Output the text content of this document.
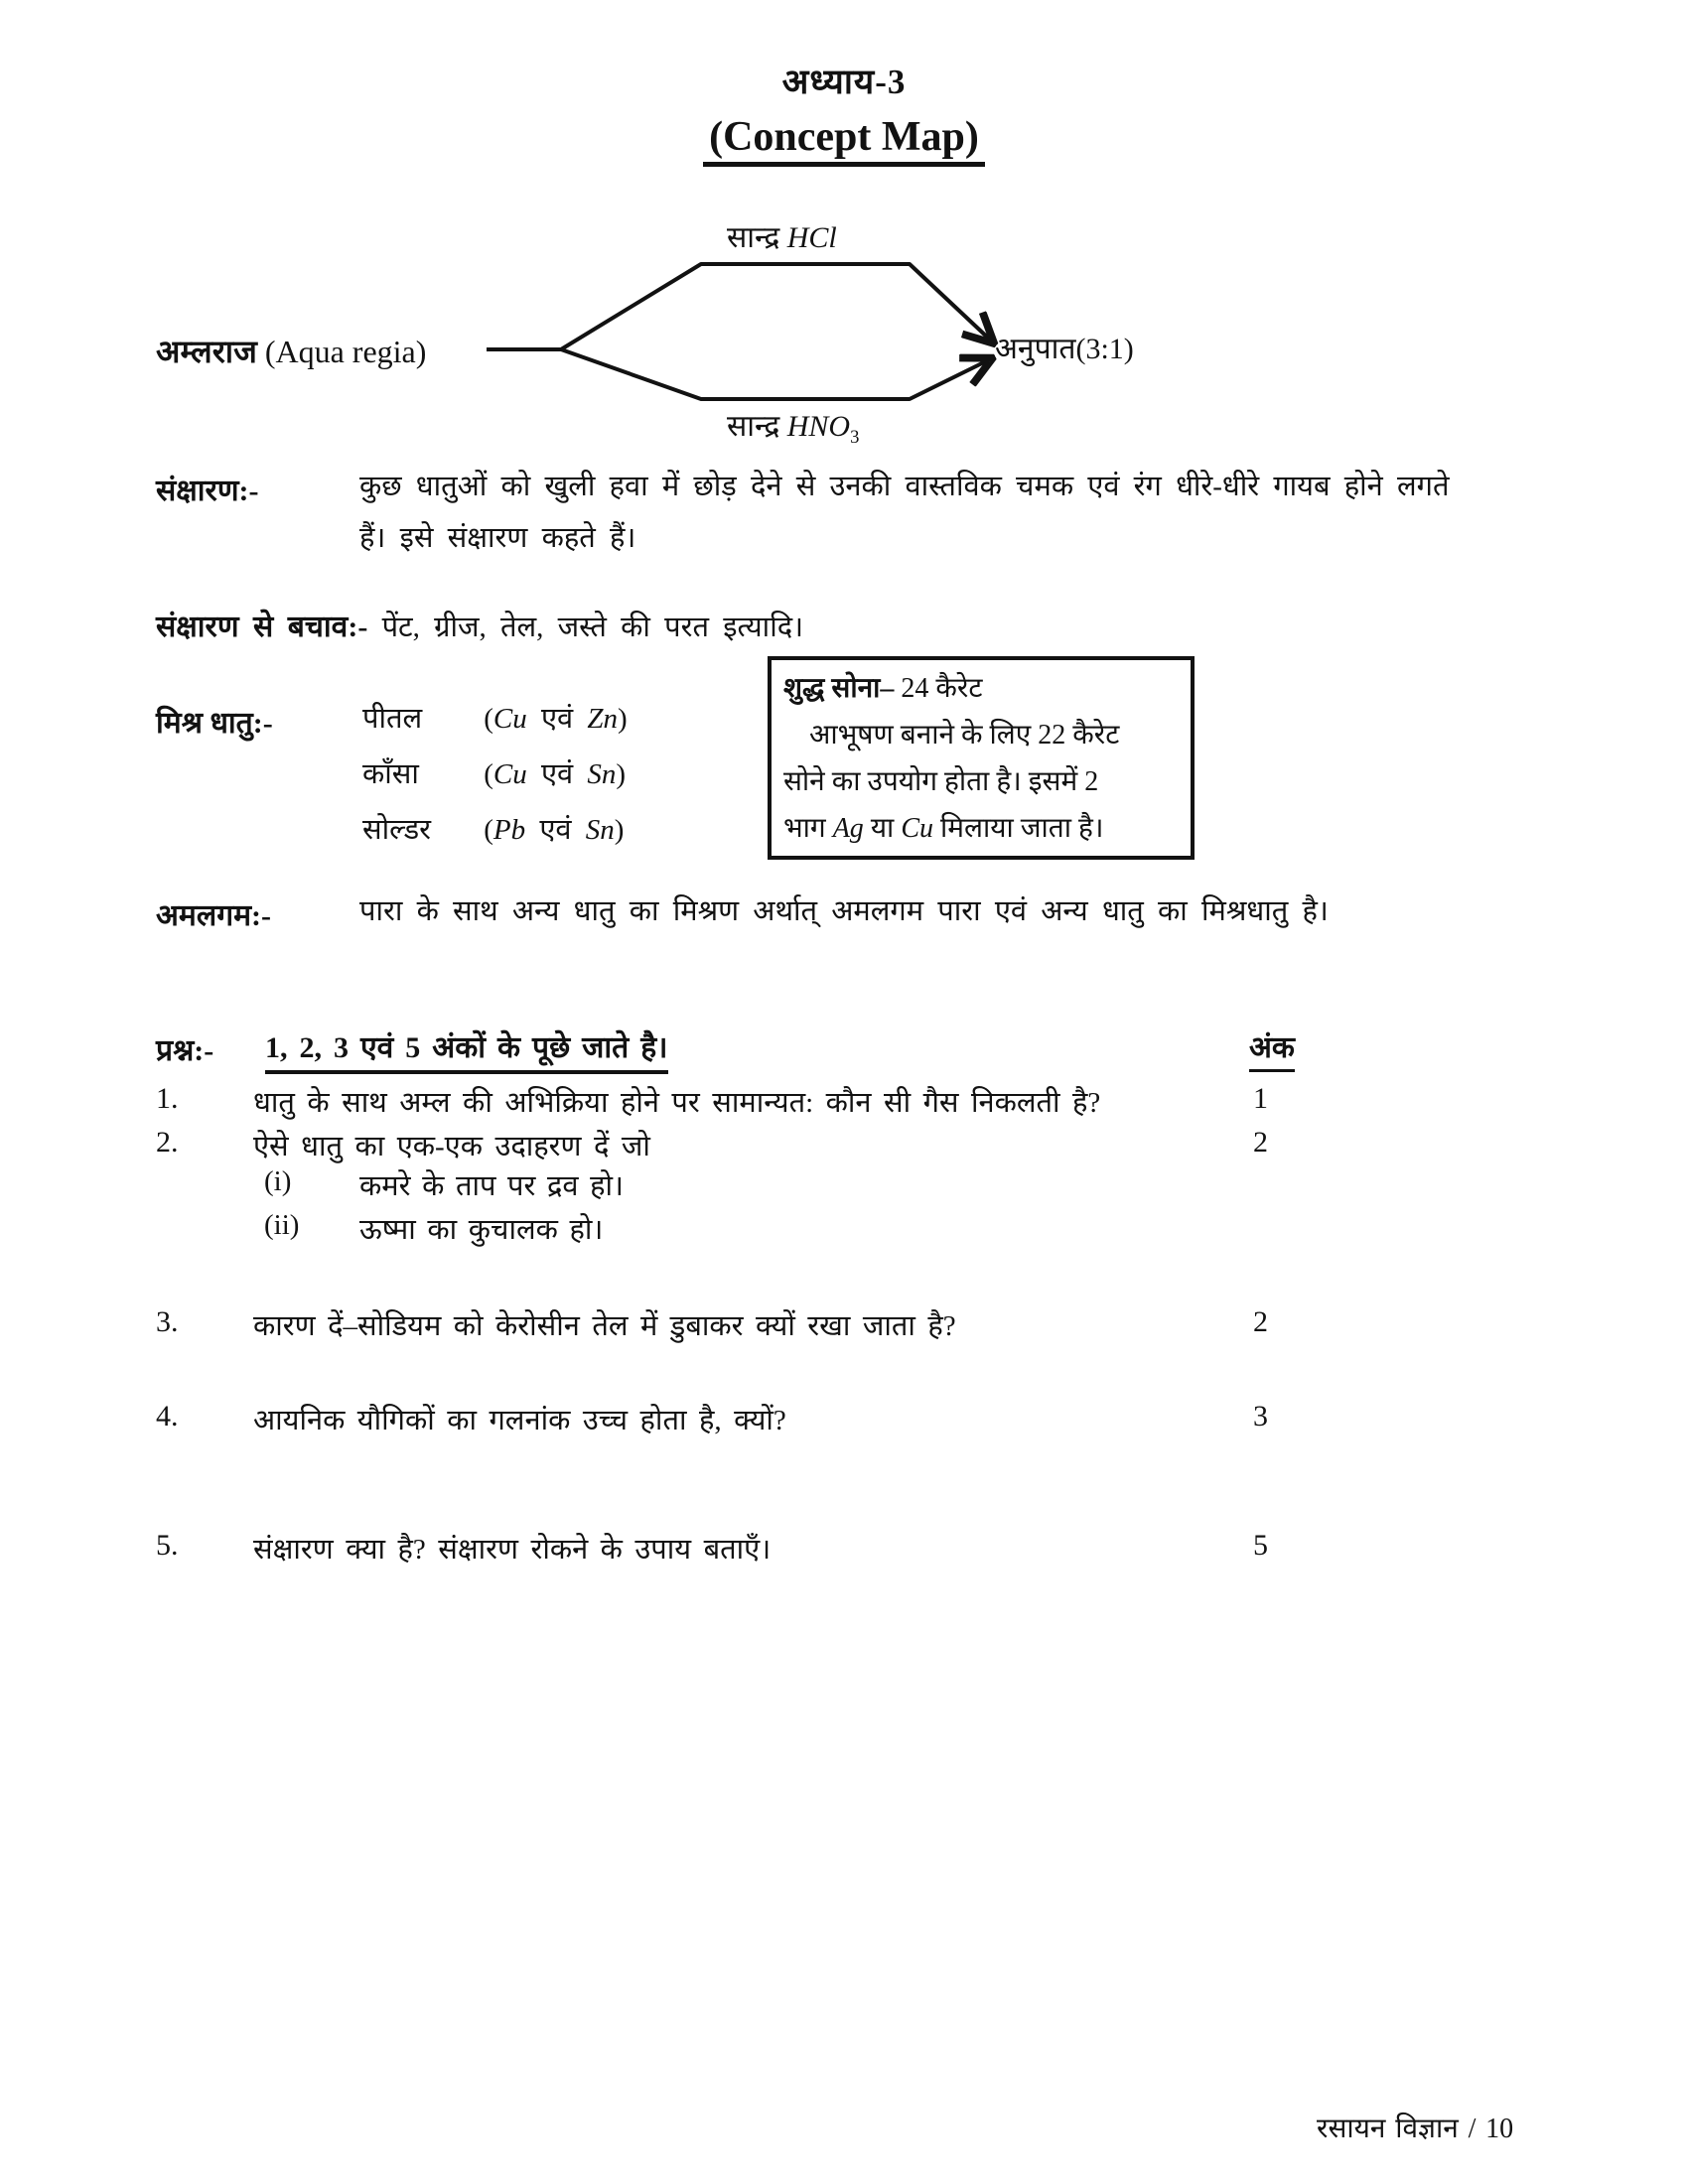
अध्याय-3
(Concept Map)
अम्लराज (Aqua regia)
सान्द्र HCl
सान्द्र $HNO_3$
अनुपात(3:1)
संक्षारण:-	कुछ धातुओं को खुली हवा में छोड़ देने से उनकी वास्तविक चमक एवं रंग धीरे-धीरे गायब होने लगते
हैं। इसे संक्षारण कहते हैं।
संक्षारण से बचाव:- पेंट, ग्रीज, तेल, जस्ते की परत इत्यादि।
मिश्र धातु:-	पीतल (Cu एवं Zn)
काँसा (Cu एवं Sn)
सोल्डर (Pb एवं Sn)
शुद्ध सोना– 24 कैरेट
आभूषण बनाने के लिए 22 कैरेट
सोने का उपयोग होता है। इसमें 2
भाग Ag या Cu मिलाया जाता है।
अमलगम:-	पारा के साथ अन्य धातु का मिश्रण अर्थात् अमलगम पारा एवं अन्य धातु का मिश्रधातु है।
प्रश्न:- 1, 2, 3 एवं 5 अंकों के पूछे जाते है।	अंक
1.	धातु के साथ अम्ल की अभिक्रिया होने पर सामान्यत: कौन सी गैस निकलती है?	1
2.	ऐसे धातु का एक-एक उदाहरण दें जो	2
(i) कमरे के ताप पर द्रव हो।
(ii) ऊष्मा का कुचालक हो।
3.	कारण दें–सोडियम को केरोसीन तेल में डुबाकर क्यों रखा जाता है?	2
4.	आयनिक यौगिकों का गलनांक उच्च होता है, क्यों?	3
5.	संक्षारण क्या है? संक्षारण रोकने के उपाय बताएँ।	5
रसायन विज्ञान / 10
